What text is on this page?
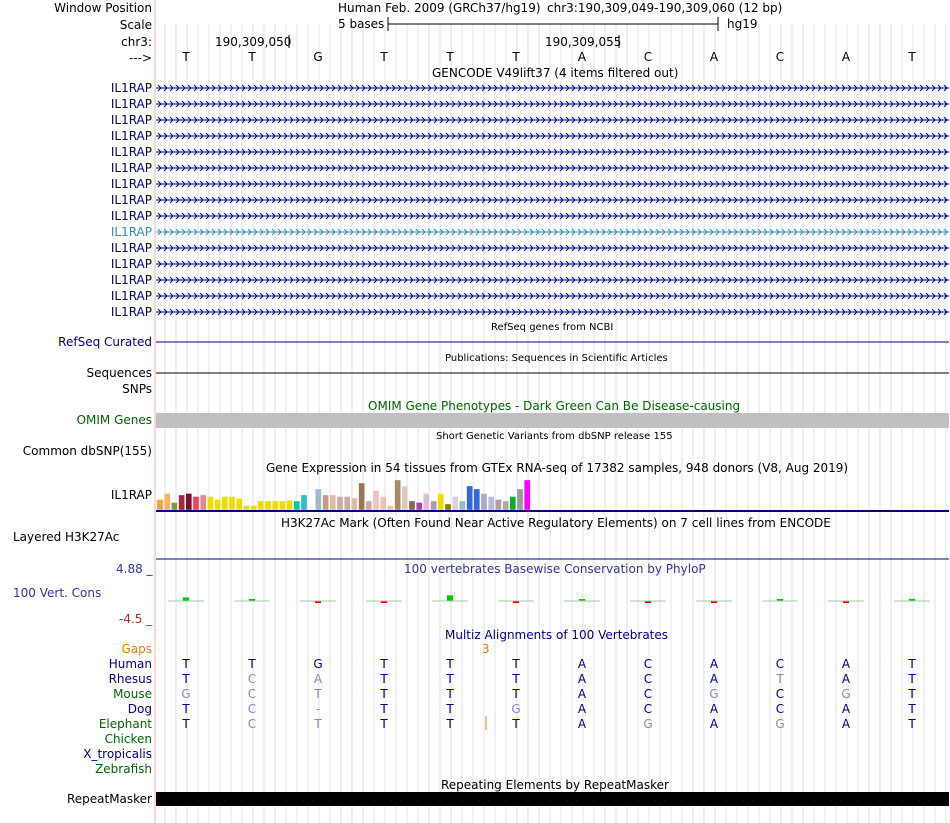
Window Position
Scale
chr3:
--->
Human Feb. 2009 (GRCh37/hg19) chr3:190,309,049-190,309,060 (12 bp)
5 bases	hg19
190,309,050	190,309,055
T	T	G	T	T	T	A	C	A	C	A	T
GENCODE V49lift37 (4 items filtered out)
IL1RAP
IL1RAP
IL1RAP
IL1RAP
IL1RAP
IL1RAP
IL1RAP
IL1RAP
IL1RAP
IL1RAP
IL1RAP
IL1RAP
IL1RAP
IL1RAP
IL1RAP
RefSeq genes from NCBI
RefSeq Curated
Publications: Sequences in Scientific Articles
Sequences
SNPs
OMIM Gene Phenotypes - Dark Green Can Be Disease-causing
OMIM Genes
Short Genetic Variants from dbSNP release 155
Common dbSNP(155)
Gene Expression in 54 tissues from GTEx RNA-seq of 17382 samples, 948 donors (V8, Aug 2019)
IL1RAP
H3K27Ac Mark (Often Found Near Active Regulatory Elements) on 7 cell lines from ENCODE
Layered H3K27Ac
100 vertebrates Basewise Conservation by PhyloP
4.88 _
100 Vert. Cons
-4.5 _
Multiz Alignments of 100 Vertebrates
Gaps	3
Human	T	T	G	T	T	T	A	C	A	C	A	T
Rhesus	T	C	A	T	T	T	A	C	A	T	A	T
Mouse	G	C	T	T	T	T	A	C	G	C	G	T
Dog	T	C	-	T	T	G	A	C	A	C	A	T
Elephant	T	C	T	T	T	T	A	G	A	G	A	T
Chicken
X_tropicalis
Zebrafish
Repeating Elements by RepeatMasker
RepeatMasker
